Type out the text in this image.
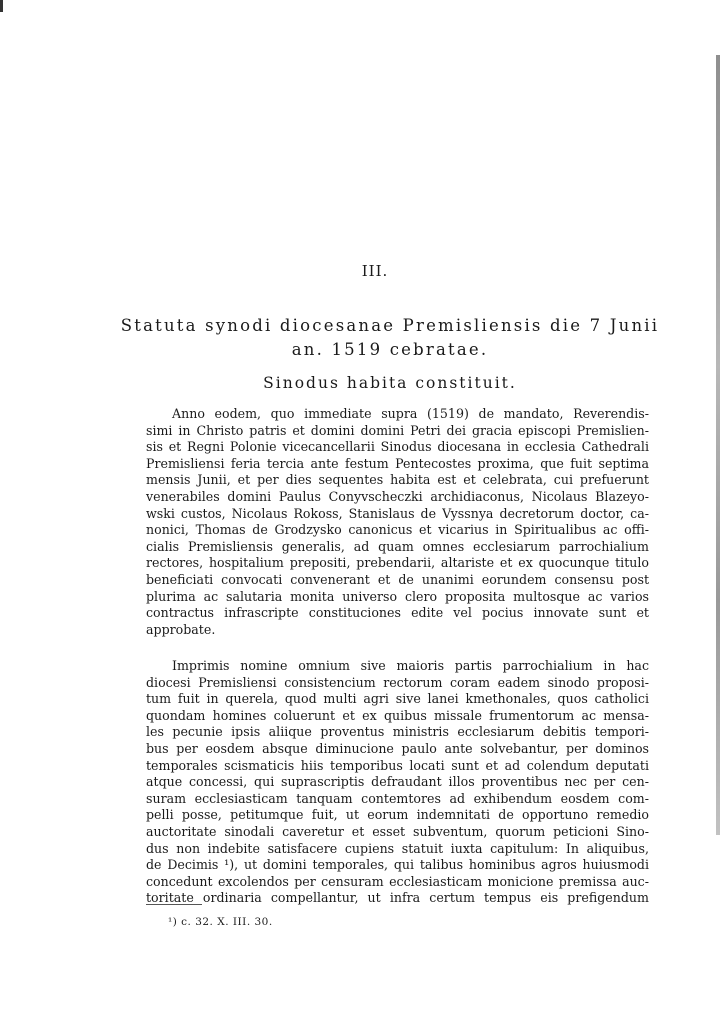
III.
Statuta synodi diocesanae Premisliensis die 7 Junii
an. 1519 cebratae.
Sinodus habita constituit.
Anno eodem, quo immediate supra (1519) de mandato, Reverendis-
simi in Christo patris et domini domini Petri dei gracia episcopi Premislien-
sis et Regni Polonie vicecancellarii Sinodus diocesana in ecclesia Cathedrali
Premisliensi feria tercia ante festum Pentecostes proxima, que fuit septima
mensis Junii, et per dies sequentes habita est et celebrata, cui prefuerunt
venerabiles domini Paulus Conyvscheczki archidiaconus, Nicolaus Blazeyo-
wski custos, Nicolaus Rokoss, Stanislaus de Vyssnya decretorum doctor, ca-
nonici, Thomas de Grodzysko canonicus et vicarius in Spiritualibus ac offi-
cialis Premisliensis generalis, ad quam omnes ecclesiarum parrochialium
rectores, hospitalium prepositi, prebendarii, altariste et ex quocunque titulo
beneficiati convocati convenerant et de unanimi eorundem consensu post
plurima ac salutaria monita universo clero proposita multosque ac varios
contractus infrascripte constituciones edite vel pocius innovate sunt et
approbate.
Imprimis nomine omnium sive maioris partis parrochialium in hac
diocesi Premisliensi consistencium rectorum coram eadem sinodo proposi-
tum fuit in querela, quod multi agri sive lanei kmethonales, quos catholici
quondam homines coluerunt et ex quibus missale frumentorum ac mensa-
les pecunie ipsis aliique proventus ministris ecclesiarum debitis tempori-
bus per eosdem absque diminucione paulo ante solvebantur, per dominos
temporales scismaticis hiis temporibus locati sunt et ad colendum deputati
atque concessi, qui suprascriptis defraudant illos proventibus nec per cen-
suram ecclesiasticam tanquam contemtores ad exhibendum eosdem com-
pelli posse, petitumque fuit, ut eorum indemnitati de opportuno remedio
auctoritate sinodali caveretur et esset subventum, quorum peticioni Sino-
dus non indebite satisfacere cupiens statuit iuxta capitulum: In aliquibus,
de Decimis ¹), ut domini temporales, qui talibus hominibus agros huiusmodi
concedunt excolendos per censuram ecclesiasticam monicione premissa auc-
toritate ordinaria compellantur, ut infra certum tempus eis prefigendum
¹) c. 32. X. III. 30.
